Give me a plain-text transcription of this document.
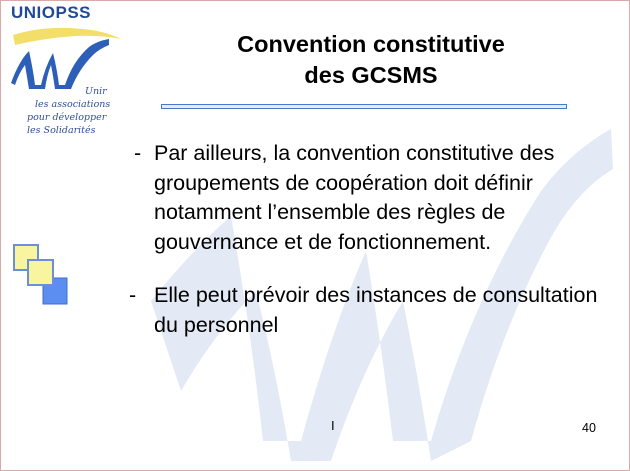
UNIOPSS
Unir
les associations
pour développer
les Solidarités
Convention constitutive
des GCSMS
- Par ailleurs, la convention constitutive des groupements de coopération doit définir notamment l’ensemble des règles de gouvernance et de fonctionnement.
- Elle peut prévoir des instances de consultation du personnel
I	40
